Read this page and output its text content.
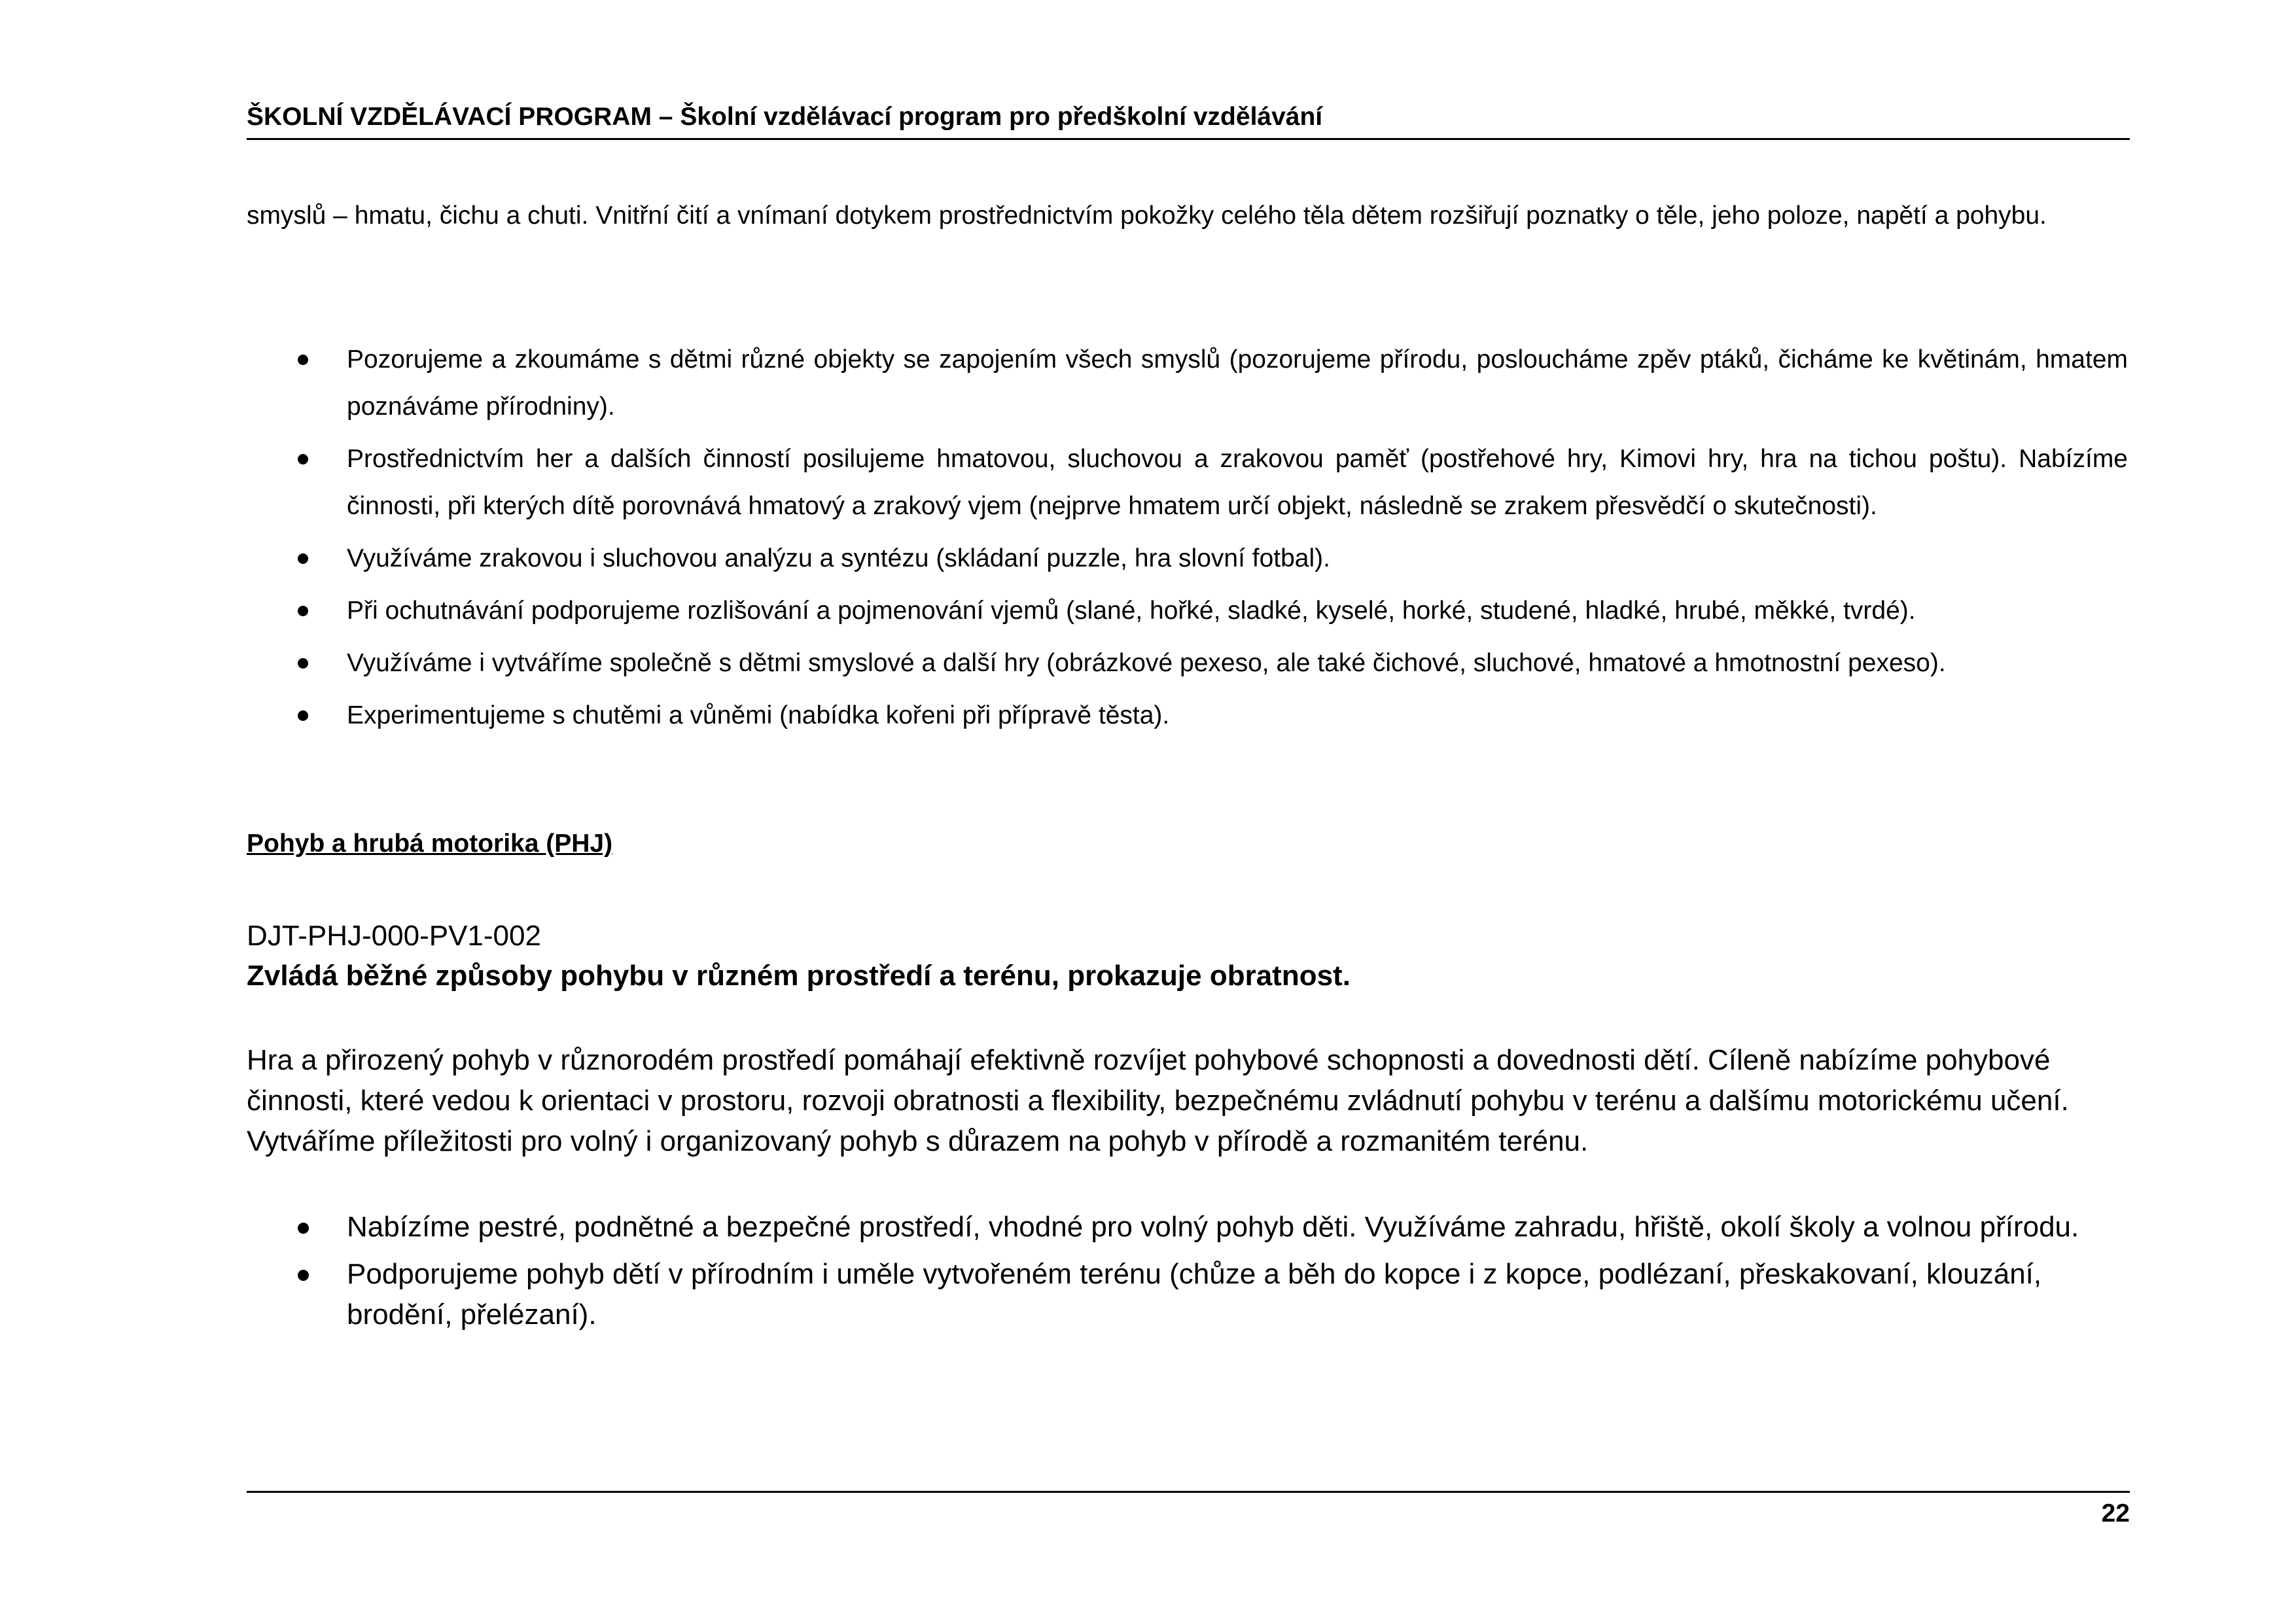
ŠKOLNÍ VZDĚLÁVACÍ PROGRAM – Školní vzdělávací program pro předškolní vzdělávání

smyslů – hmatu, čichu a chuti. Vnitřní čití a vnímaní dotykem prostřednictvím pokožky celého těla dětem rozšiřují poznatky o těle, jeho poloze, napětí a pohybu.

Pozorujeme a zkoumáme s dětmi různé objekty se zapojením všech smyslů (pozorujeme přírodu, posloucháme zpěv ptáků, čicháme ke květinám, hmatem poznáváme přírodniny).
Prostřednictvím her a dalších činností posilujeme hmatovou, sluchovou a zrakovou paměť (postřehové hry, Kimovi hry, hra na tichou poštu). Nabízíme činnosti, při kterých dítě porovnává hmatový a zrakový vjem (nejprve hmatem určí objekt, následně se zrakem přesvědčí o skutečnosti).
Využíváme zrakovou i sluchovou analýzu a syntézu (skládaní puzzle, hra slovní fotbal).
Při ochutnávání podporujeme rozlišování a pojmenování vjemů (slané, hořké, sladké, kyselé, horké, studené, hladké, hrubé, měkké, tvrdé).
Využíváme i vytváříme společně s dětmi smyslové a další hry (obrázkové pexeso, ale také čichové, sluchové, hmatové a hmotnostní pexeso).
Experimentujeme s chutěmi a vůněmi (nabídka kořeni při přípravě těsta).
Pohyb a hrubá motorika (PHJ)
DJT-PHJ-000-PV1-002
Zvládá běžné způsoby pohybu v různém prostředí a terénu, prokazuje obratnost.

Hra a přirozený pohyb v různorodém prostředí pomáhají efektivně rozvíjet pohybové schopnosti a dovednosti dětí. Cíleně nabízíme pohybové činnosti, které vedou k orientaci v prostoru, rozvoji obratnosti a flexibility, bezpečnému zvládnutí pohybu v terénu a dalšímu motorickému učení. Vytváříme příležitosti pro volný i organizovaný pohyb s důrazem na pohyb v přírodě a rozmanitém terénu.

Nabízíme pestré, podnětné a bezpečné prostředí, vhodné pro volný pohyb děti. Využíváme zahradu, hřiště, okolí školy a volnou přírodu.
Podporujeme pohyb dětí v přírodním i uměle vytvořeném terénu (chůze a běh do kopce i z kopce, podlézaní, přeskakovaní, klouzání, brodění, přelézaní).
22
